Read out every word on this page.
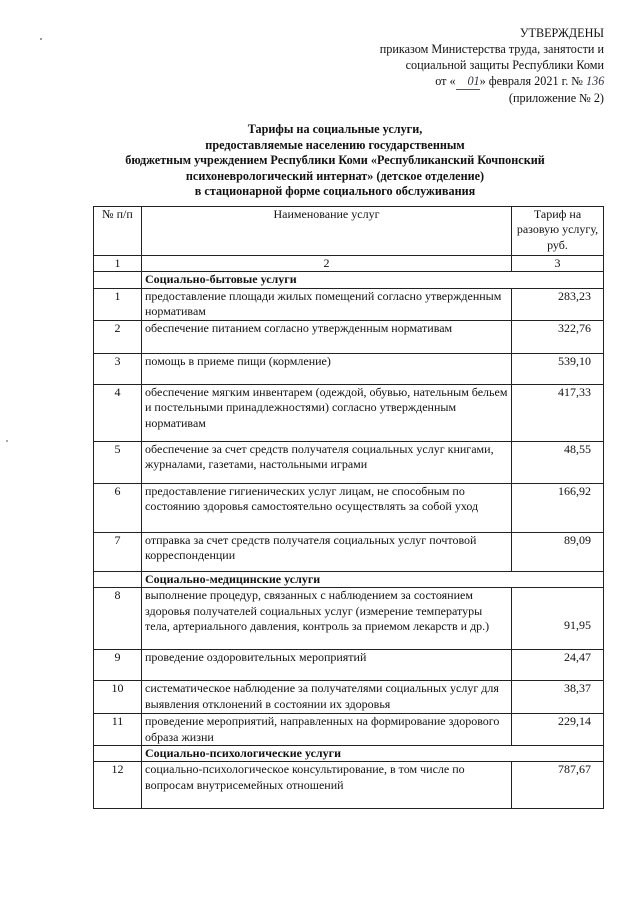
УТВЕРЖДЕНЫ
приказом Министерства труда, занятости и
социальной защиты Республики Коми
от « 01» февраля 2021 г. № 136
(приложение № 2)
Тарифы на социальные услуги,
предоставляемые населению государственным
бюджетным учреждением Республики Коми «Республиканский Кочпонский
психоневрологический интернат» (детское отделение)
в стационарной форме социального обслуживания
№ п/п	Наименование услуг	Тариф на разовую услугу, руб.
1	2	3
	Социально-бытовые услуги	
1	предоставление площади жилых помещений согласно утвержденным нормативам	283,23
2	обеспечение питанием согласно утвержденным нормативам	322,76
3	помощь в приеме пищи (кормление)	539,10
4	обеспечение мягким инвентарем (одеждой, обувью, нательным бельем и постельными принадлежностями) согласно утвержденным нормативам	417,33
5	обеспечение за счет средств получателя социальных услуг книгами, журналами, газетами, настольными играми	48,55
6	предоставление гигиенических услуг лицам, не способным по состоянию здоровья самостоятельно осуществлять за собой уход	166,92
7	отправка за счет средств получателя социальных услуг почтовой корреспонденции	89,09
	Социально-медицинские услуги	
8	выполнение процедур, связанных с наблюдением за состоянием здоровья получателей социальных услуг (измерение температуры тела, артериального давления, контроль за приемом лекарств и др.)	91,95
9	проведение оздоровительных мероприятий	24,47
10	систематическое наблюдение за получателями социальных услуг для выявления отклонений в состоянии их здоровья	38,37
11	проведение мероприятий, направленных на формирование здорового образа жизни	229,14
	Социально-психологические услуги	
12	социально-психологическое консультирование, в том числе по вопросам внутрисемейных отношений	787,67
